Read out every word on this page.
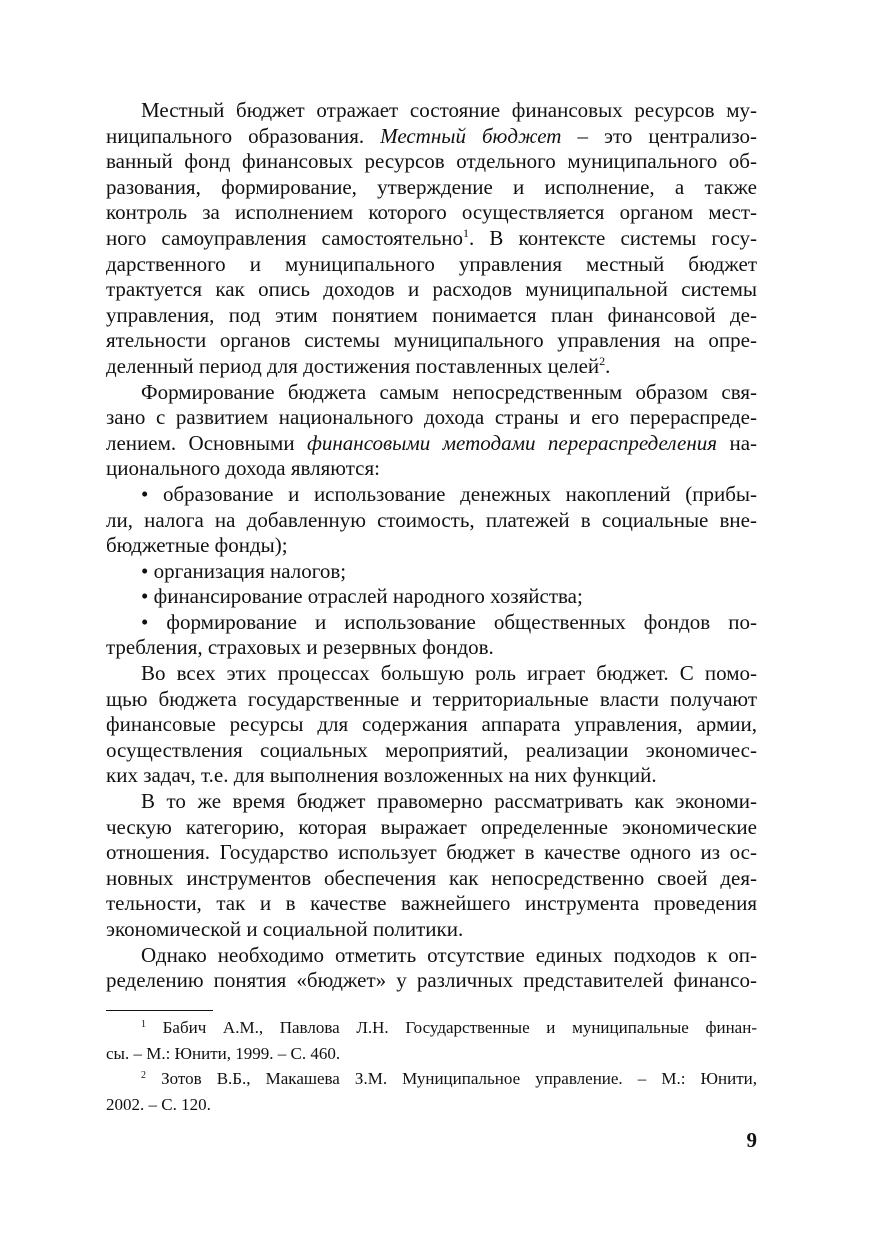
Местный бюджет отражает состояние финансовых ресурсов му-
ниципального образования. Местный бюджет – это централизо-
ванный фонд финансовых ресурсов отдельного муниципального об-
разования, формирование, утверждение и исполнение, а также
контроль за исполнением которого осуществляется органом мест-
ного самоуправления самостоятельно$^1$. В контексте системы госу-
дарственного и муниципального управления местный бюджет
трактуется как опись доходов и расходов муниципальной системы
управления, под этим понятием понимается план финансовой де-
ятельности органов системы муниципального управления на опре-
деленный период для достижения поставленных целей$^2$.
Формирование бюджета самым непосредственным образом свя-
зано с развитием национального дохода страны и его перераспреде-
лением. Основными финансовыми методами перераспределения на-
ционального дохода являются:
• образование и использование денежных накоплений (прибы-
ли, налога на добавленную стоимость, платежей в социальные вне-
бюджетные фонды);
• организация налогов;
• финансирование отраслей народного хозяйства;
• формирование и использование общественных фондов по-
требления, страховых и резервных фондов.
Во всех этих процессах большую роль играет бюджет. С помо-
щью бюджета государственные и территориальные власти получают
финансовые ресурсы для содержания аппарата управления, армии,
осуществления социальных мероприятий, реализации экономичес-
ких задач, т.е. для выполнения возложенных на них функций.
В то же время бюджет правомерно рассматривать как экономи-
ческую категорию, которая выражает определенные экономические
отношения. Государство использует бюджет в качестве одного из ос-
новных инструментов обеспечения как непосредственно своей дея-
тельности, так и в качестве важнейшего инструмента проведения
экономической и социальной политики.
Однако необходимо отметить отсутствие единых подходов к оп-
ределению понятия «бюджет» у различных представителей финансо-
$^1$ Бабич А.М., Павлова Л.Н. Государственные и муниципальные финан-
сы. – М.: Юнити, 1999. – С. 460.
$^2$ Зотов В.Б., Макашева З.М. Муниципальное управление. – М.: Юнити,
2002. – С. 120.
9
